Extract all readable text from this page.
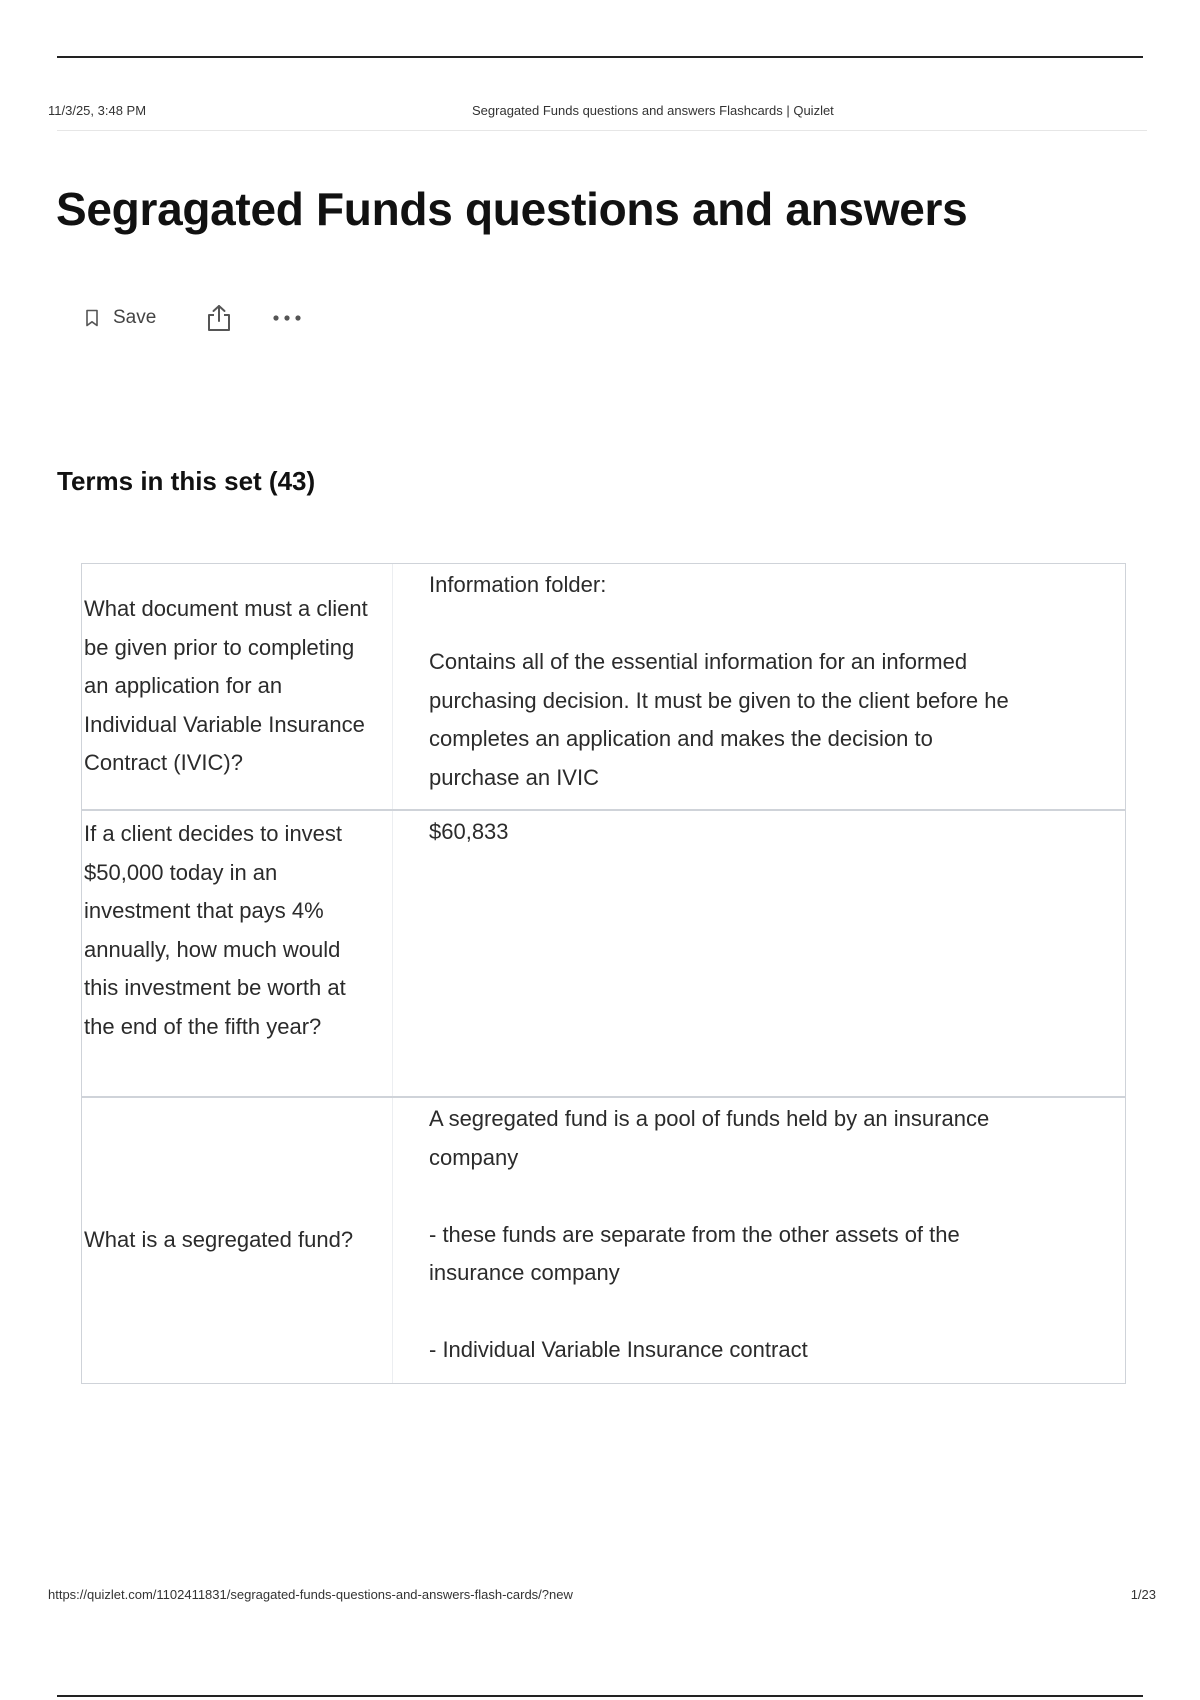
11/3/25, 3:48 PM	Segragated Funds questions and answers Flashcards | Quizlet
Segragated Funds questions and answers
Save
Terms in this set (43)
What document must a client be given prior to completing an application for an Individual Variable Insurance Contract (IVIC)?
Information folder:
Contains all of the essential information for an informed purchasing decision. It must be given to the client before he completes an application and makes the decision to purchase an IVIC
If a client decides to invest $50,000 today in an investment that pays 4% annually, how much would this investment be worth at the end of the fifth year?
$60,833
What is a segregated fund?
A segregated fund is a pool of funds held by an insurance company
- these funds are separate from the other assets of the insurance company
- Individual Variable Insurance contract
https://quizlet.com/1102411831/segragated-funds-questions-and-answers-flash-cards/?new	1/23
